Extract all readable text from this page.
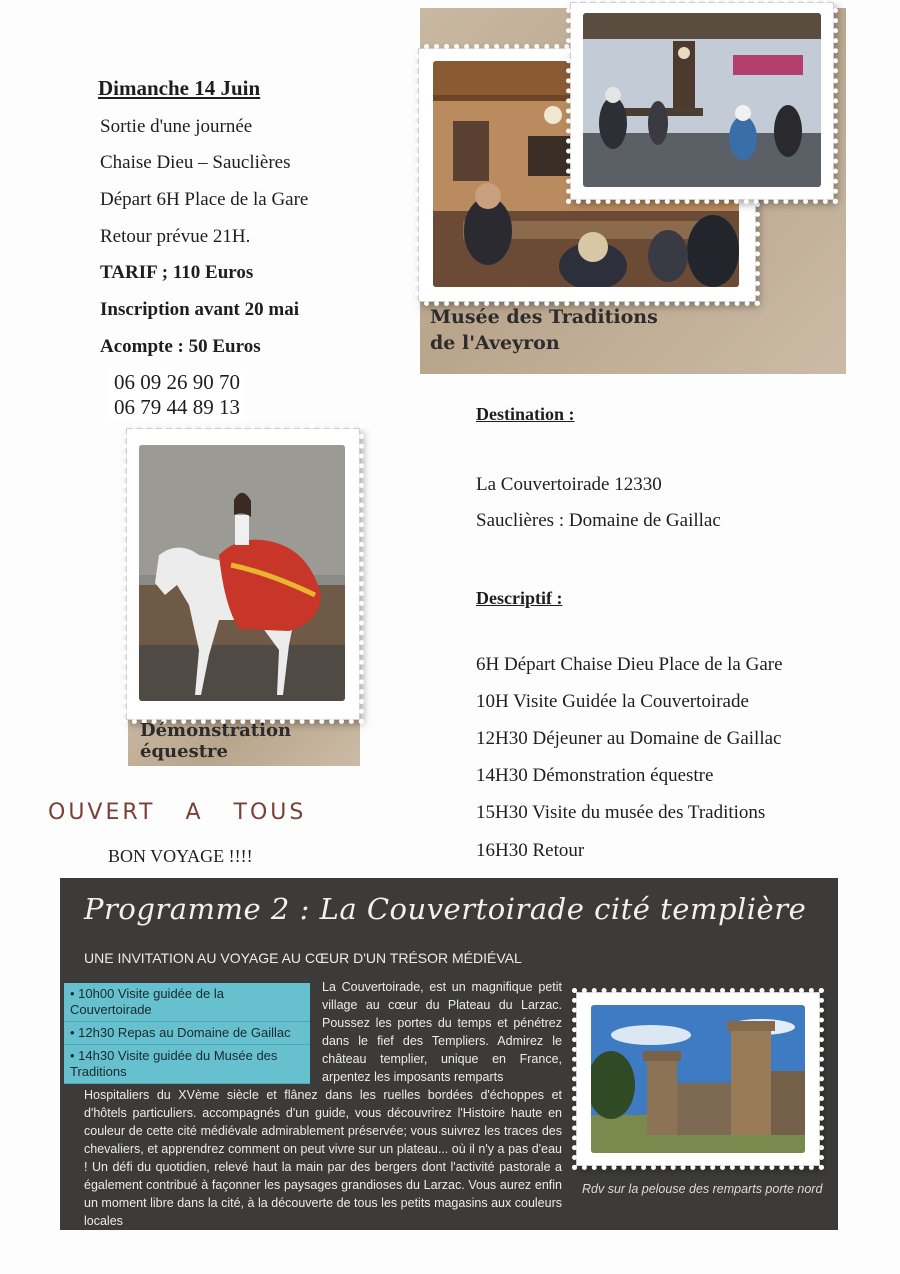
Dimanche 14 Juin
Sortie d'une journée
Chaise Dieu – Sauclières
Départ 6H Place de la Gare
Retour prévue 21H.
TARIF ; 110 Euros
Inscription avant 20 mai
Acompte : 50 Euros
06 09 26 90 70
06 79 44 89 13
Musée des Traditions
de l'Aveyron
Démonstration
équestre
OUVERT   A   TOUS
BON VOYAGE !!!!
Destination :
La Couvertoirade 12330
Sauclières : Domaine de Gaillac
Descriptif :
6H Départ Chaise Dieu Place de la Gare
10H Visite Guidée la Couvertoirade
12H30 Déjeuner au Domaine de Gaillac
14H30 Démonstration équestre
15H30 Visite du musée des Traditions
16H30 Retour
Programme 2 : La Couvertoirade cité templière
UNE INVITATION AU VOYAGE AU CŒUR D'UN TRÉSOR MÉDIÉVAL
• 10h00 Visite guidée de la Couvertoirade
• 12h30 Repas au Domaine de Gaillac
• 14h30 Visite guidée du Musée des Traditions
La Couvertoirade, est un magnifique petit village au cœur du Plateau du Larzac. Poussez les portes du temps et pénétrez dans le fief des Templiers. Admirez le château templier, unique en France, arpentez les imposants remparts
Hospitaliers du XVème siècle et flânez dans les ruelles bordées d'échoppes et d'hôtels particuliers. accompagnés d'un guide, vous découvrirez l'Histoire haute en couleur de cette cité médiévale admirablement préservée; vous suivrez les traces des chevaliers, et apprendrez comment on peut vivre sur un plateau... où il n'y a pas d'eau ! Un défi du quotidien, relevé haut la main par des bergers dont l'activité pastorale a également contribué à façonner les paysages grandioses du Larzac. Vous aurez enfin un moment libre dans la cité, à la découverte de tous les petits magasins aux couleurs locales
Rdv sur la pelouse des remparts porte nord
